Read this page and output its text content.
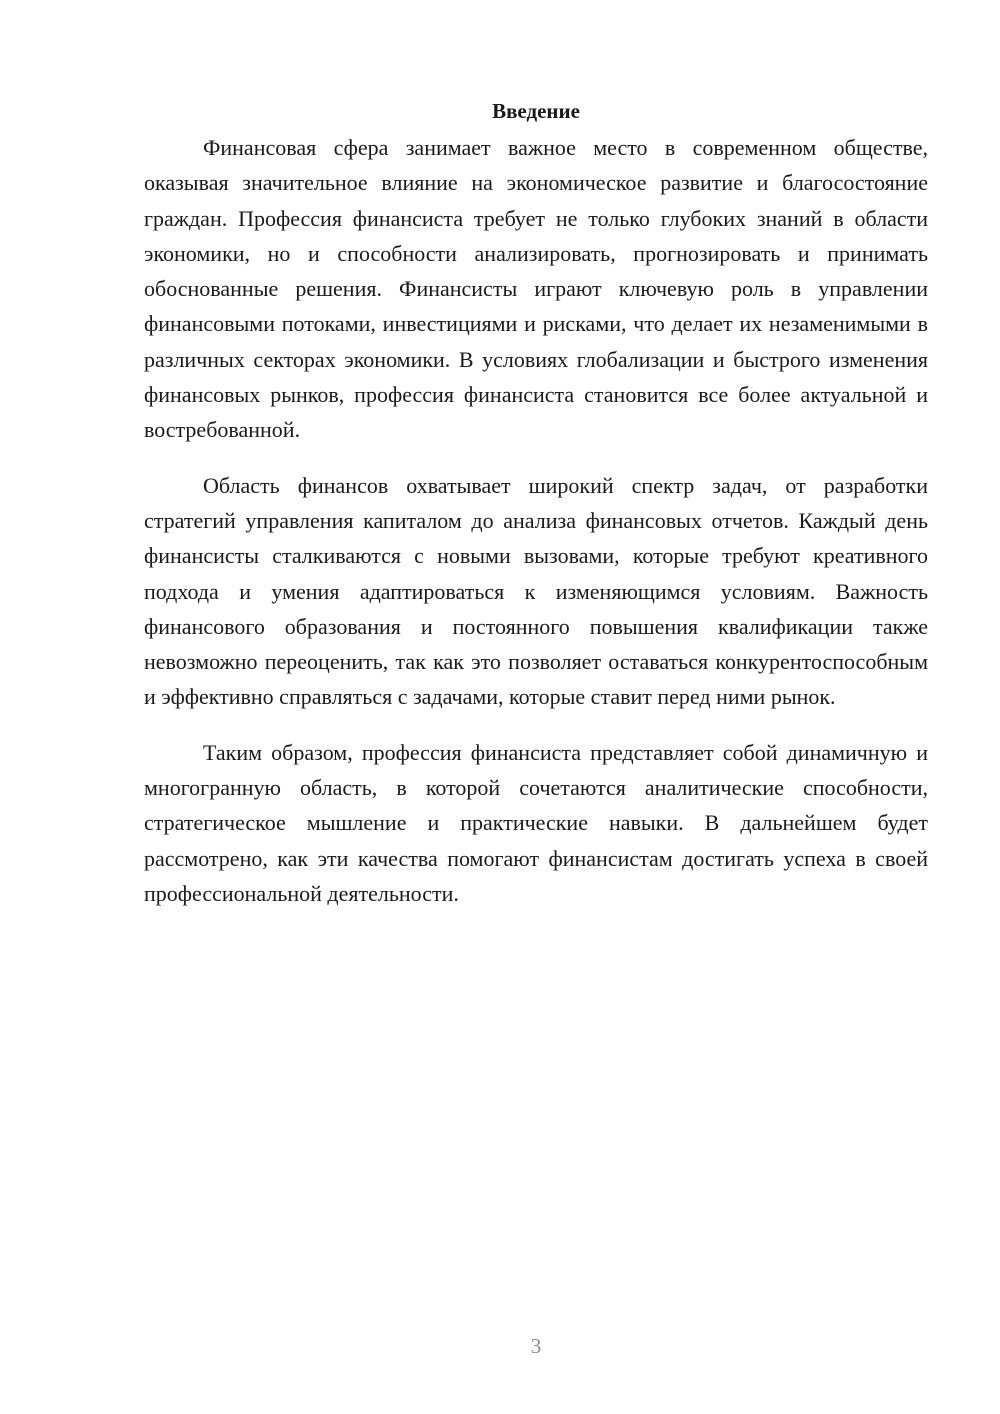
Введение

Финансовая сфера занимает важное место в современном обществе, оказывая значительное влияние на экономическое развитие и благосостояние граждан. Профессия финансиста требует не только глубоких знаний в области экономики, но и способности анализировать, прогнозировать и принимать обоснованные решения. Финансисты играют ключевую роль в управлении финансовыми потоками, инвестициями и рисками, что делает их незаменимыми в различных секторах экономики. В условиях глобализации и быстрого изменения финансовых рынков, профессия финансиста становится все более актуальной и востребованной.

Область финансов охватывает широкий спектр задач, от разработки стратегий управления капиталом до анализа финансовых отчетов. Каждый день финансисты сталкиваются с новыми вызовами, которые требуют креативного подхода и умения адаптироваться к изменяющимся условиям. Важность финансового образования и постоянного повышения квалификации также невозможно переоценить, так как это позволяет оставаться конкурентоспособным и эффективно справляться с задачами, которые ставит перед ними рынок.

Таким образом, профессия финансиста представляет собой динамичную и многогранную область, в которой сочетаются аналитические способности, стратегическое мышление и практические навыки. В дальнейшем будет рассмотрено, как эти качества помогают финансистам достигать успеха в своей профессиональной деятельности.

3
